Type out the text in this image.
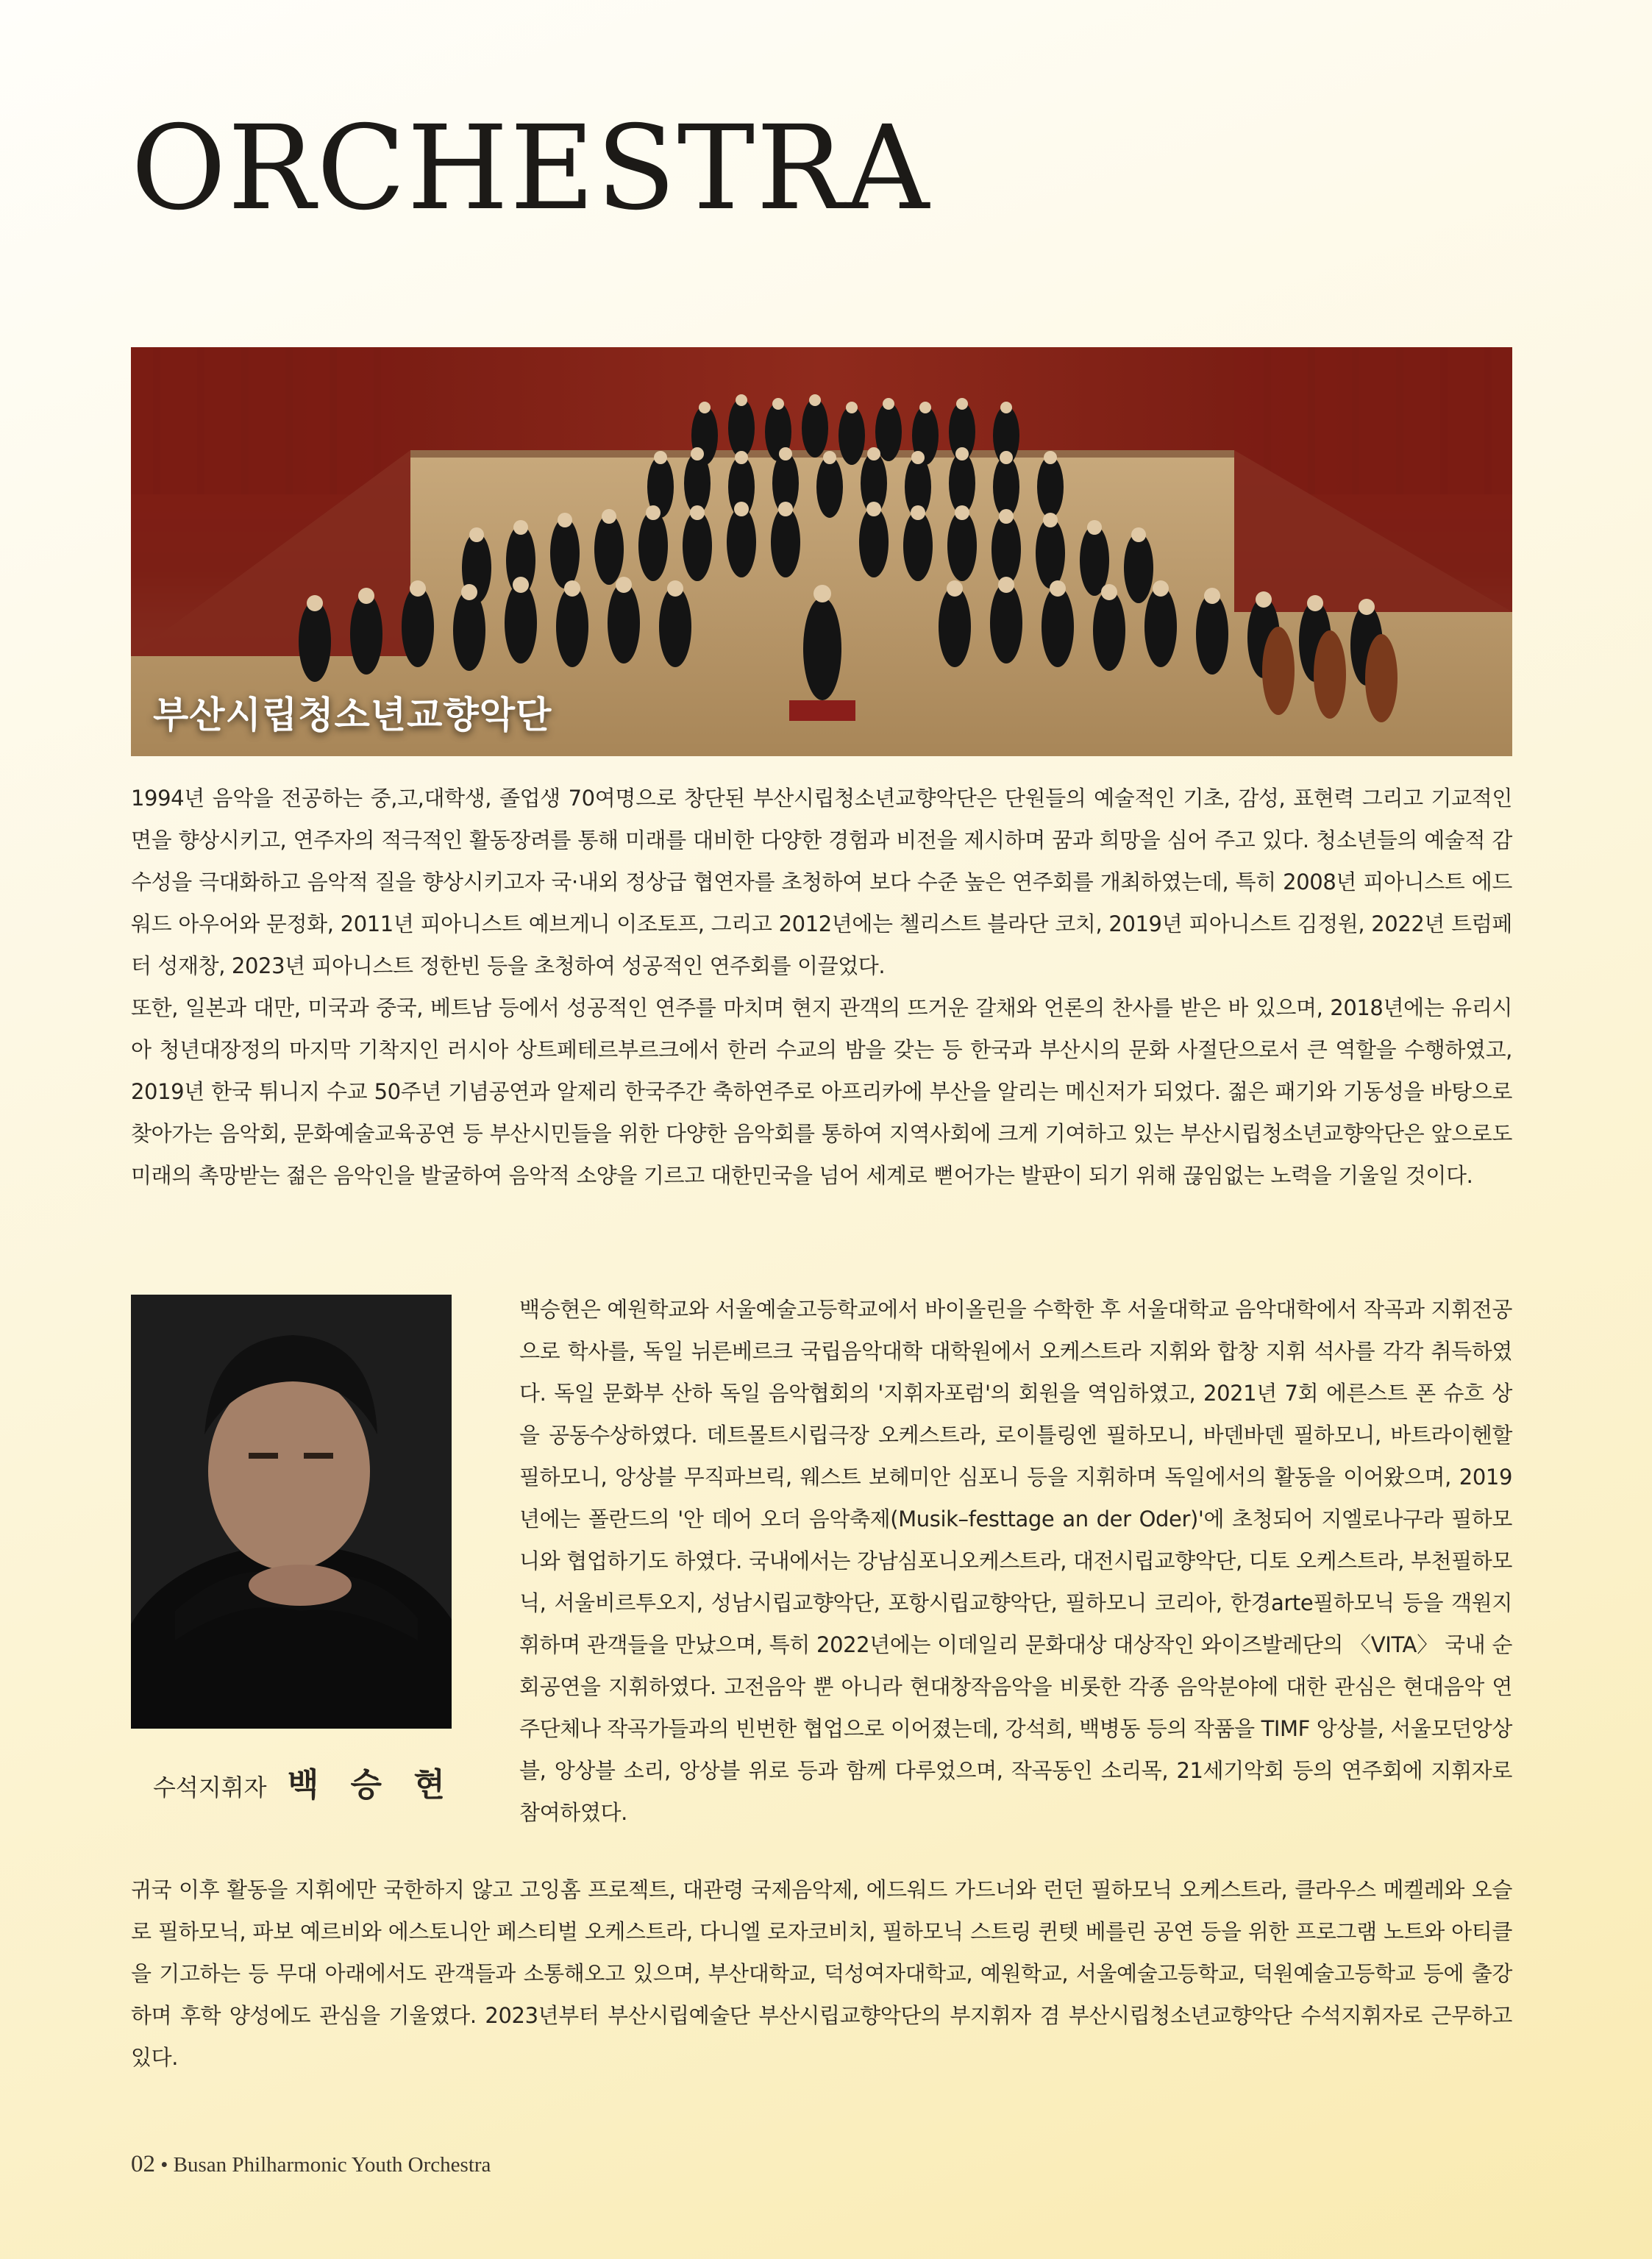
ORCHESTRA
부산시립청소년교향악단

1994년 음악을 전공하는 중,고,대학생, 졸업생 70여명으로 창단된 부산시립청소년교향악단은 단원들의 예술적인 기초, 감성, 표현력 그리고 기교적인 면을 향상시키고, 연주자의 적극적인 활동장려를 통해 미래를 대비한 다양한 경험과 비전을 제시하며 꿈과 희망을 심어 주고 있다. 청소년들의 예술적 감수성을 극대화하고 음악적 질을 향상시키고자 국·내외 정상급 협연자를 초청하여 보다 수준 높은 연주회를 개최하였는데, 특히 2008년 피아니스트 에드워드 아우어와 문정화, 2011년 피아니스트 예브게니 이조토프, 그리고 2012년에는 첼리스트 블라단 코치, 2019년 피아니스트 김정원, 2022년 트럼페터 성재창, 2023년 피아니스트 정한빈 등을 초청하여 성공적인 연주회를 이끌었다.

또한, 일본과 대만, 미국과 중국, 베트남 등에서 성공적인 연주를 마치며 현지 관객의 뜨거운 갈채와 언론의 찬사를 받은 바 있으며, 2018년에는 유리시아 청년대장정의 마지막 기착지인 러시아 상트페테르부르크에서 한러 수교의 밤을 갖는 등 한국과 부산시의 문화 사절단으로서 큰 역할을 수행하였고, 2019년 한국 튀니지 수교 50주년 기념공연과 알제리 한국주간 축하연주로 아프리카에 부산을 알리는 메신저가 되었다. 젊은 패기와 기동성을 바탕으로 찾아가는 음악회, 문화예술교육공연 등 부산시민들을 위한 다양한 음악회를 통하여 지역사회에 크게 기여하고 있는 부산시립청소년교향악단은 앞으로도 미래의 촉망받는 젊은 음악인을 발굴하여 음악적 소양을 기르고 대한민국을 넘어 세계로 뻗어가는 발판이 되기 위해 끊임없는 노력을 기울일 것이다.

수석지휘자 백 승 현

백승현은 예원학교와 서울예술고등학교에서 바이올린을 수학한 후 서울대학교 음악대학에서 작곡과 지휘전공으로 학사를, 독일 뉘른베르크 국립음악대학 대학원에서 오케스트라 지휘와 합창 지휘 석사를 각각 취득하였다. 독일 문화부 산하 독일 음악협회의 '지휘자포럼'의 회원을 역임하였고, 2021년 7회 에른스트 폰 슈흐 상을 공동수상하였다. 데트몰트시립극장 오케스트라, 로이틀링엔 필하모니, 바덴바덴 필하모니, 바트라이헨할 필하모니, 앙상블 무직파브릭, 웨스트 보헤미안 심포니 등을 지휘하며 독일에서의 활동을 이어왔으며, 2019년에는 폴란드의 '안 데어 오더 음악축제(Musik–festtage an der Oder)'에 초청되어 지엘로나구라 필하모니와 협업하기도 하였다. 국내에서는 강남심포니오케스트라, 대전시립교향악단, 디토 오케스트라, 부천필하모닉, 서울비르투오지, 성남시립교향악단, 포항시립교향악단, 필하모니 코리아, 한경arte필하모닉 등을 객원지휘하며 관객들을 만났으며, 특히 2022년에는 이데일리 문화대상 대상작인 와이즈발레단의 〈VITA〉 국내 순회공연을 지휘하였다. 고전음악 뿐 아니라 현대창작음악을 비롯한 각종 음악분야에 대한 관심은 현대음악 연주단체나 작곡가들과의 빈번한 협업으로 이어졌는데, 강석희, 백병동 등의 작품을 TIMF 앙상블, 서울모던앙상블, 앙상블 소리, 앙상블 위로 등과 함께 다루었으며, 작곡동인 소리목, 21세기악회 등의 연주회에 지휘자로 참여하였다.

귀국 이후 활동을 지휘에만 국한하지 않고 고잉홈 프로젝트, 대관령 국제음악제, 에드워드 가드너와 런던 필하모닉 오케스트라, 클라우스 메켈레와 오슬로 필하모닉, 파보 예르비와 에스토니안 페스티벌 오케스트라, 다니엘 로자코비치, 필하모닉 스트링 퀸텟 베를린 공연 등을 위한 프로그램 노트와 아티클을 기고하는 등 무대 아래에서도 관객들과 소통해오고 있으며, 부산대학교, 덕성여자대학교, 예원학교, 서울예술고등학교, 덕원예술고등학교 등에 출강하며 후학 양성에도 관심을 기울였다. 2023년부터 부산시립예술단 부산시립교향악단의 부지휘자 겸 부산시립청소년교향악단 수석지휘자로 근무하고 있다.

02 • Busan Philharmonic Youth Orchestra
